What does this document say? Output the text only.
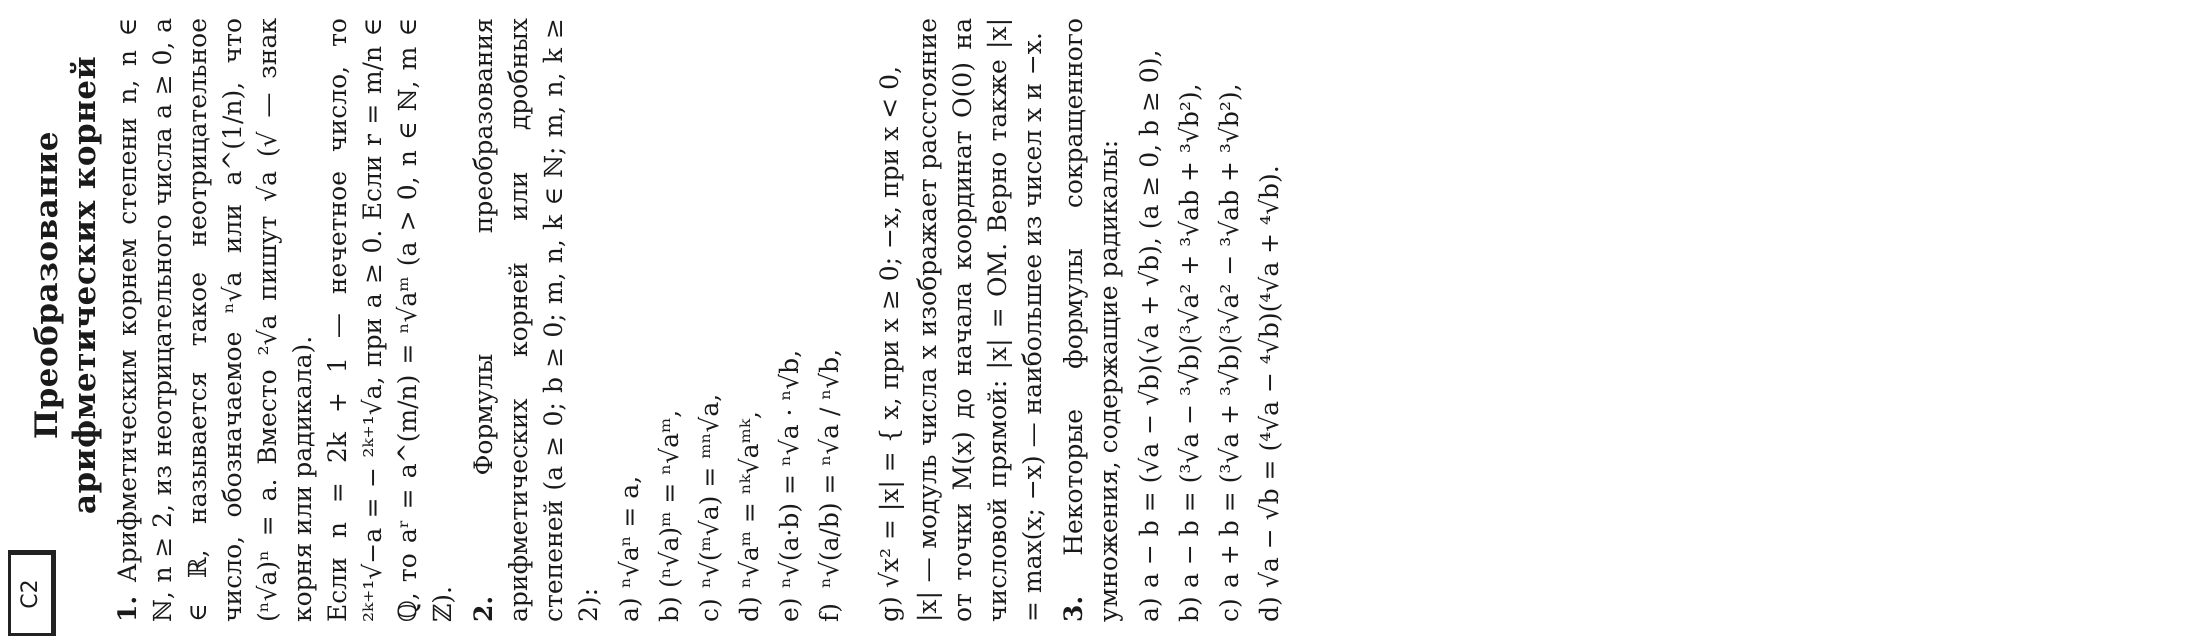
C2
Преобразование арифметических корней

1. Арифметическим корнем степени n, n ∈ ℕ, n ≥ 2, из неотрицательного числа a ≥ 0, a ∈ ℝ, называется такое неотрицательное число, обозначаемое ⁿ√a или a^(1/n), что (ⁿ√a)ⁿ = a. Вместо ²√a пишут √a (√ — знак корня или радикала). Если n = 2k + 1 — нечетное число, то ²ᵏ⁺¹√−a = − ²ᵏ⁺¹√a, при a ≥ 0. Если r = m/n ∈ ℚ, то aʳ = a^(m/n) = ⁿ√aᵐ (a > 0, n ∈ ℕ, m ∈ ℤ). 2. Формулы преобразования арифметических корней или дробных степеней (a ≥ 0; b ≥ 0; m, n, k ∈ ℕ; m, n, k ≥ 2): a)ⁿ√aⁿ = a,
b)(ⁿ√a)ᵐ = ⁿ√aᵐ,
c)ⁿ√(ᵐ√a) = ᵐⁿ√a,
d)ⁿ√aᵐ = ⁿᵏ√aᵐᵏ,
e)ⁿ√(a·b) = ⁿ√a · ⁿ√b,
f)ⁿ√(a/b) = ⁿ√a / ⁿ√b,
g)√x² = |x| = { x, при x ≥ 0; −x, при x < 0, |x| — модуль числа x изображает расстояние от точки M(x) до начала координат O(0) на числовой прямой: |x| = OM. Верно также |x| = max(x; −x) — наибольшее из чисел x и −x. 3. Некоторые формулы сокращенного умножения, содержащие радикалы: a)a − b = (√a − √b)(√a + √b), (a ≥ 0, b ≥ 0),
b)a − b = (³√a − ³√b)(³√a² + ³√ab + ³√b²),
c)a + b = (³√a + ³√b)(³√a² − ³√ab + ³√b²),
d)√a − √b = (⁴√a − ⁴√b)(⁴√a + ⁴√b).
